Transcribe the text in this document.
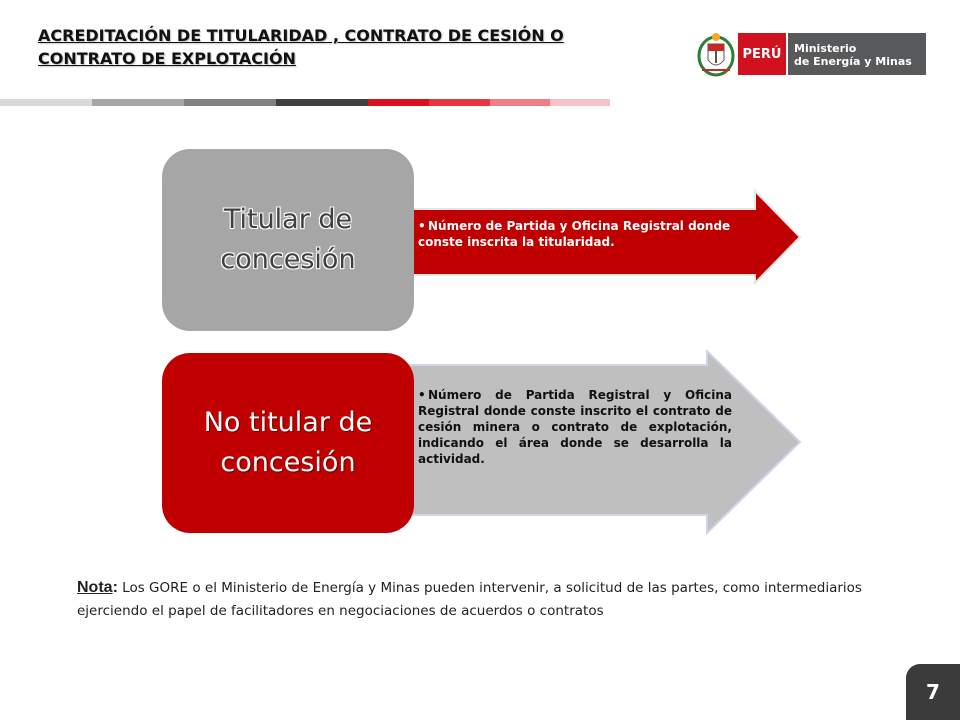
ACREDITACIÓN DE TITULARIDAD , CONTRATO DE CESIÓN O
CONTRATO DE EXPLOTACIÓN	PERÚ	Ministerio
de Energía y Minas
Titular de
concesión
• Número de Partida y Oficina Registral donde conste inscrita la titularidad.
No titular de
concesión
• Número de Partida Registral y Oficina Registral donde conste inscrito el contrato de cesión minera o contrato de explotación, indicando el área donde se desarrolla la actividad.
Nota: Los GORE o el Ministerio de Energía y Minas pueden intervenir, a solicitud de las partes, como intermediarios ejerciendo el papel de facilitadores en negociaciones de acuerdos o contratos
7
